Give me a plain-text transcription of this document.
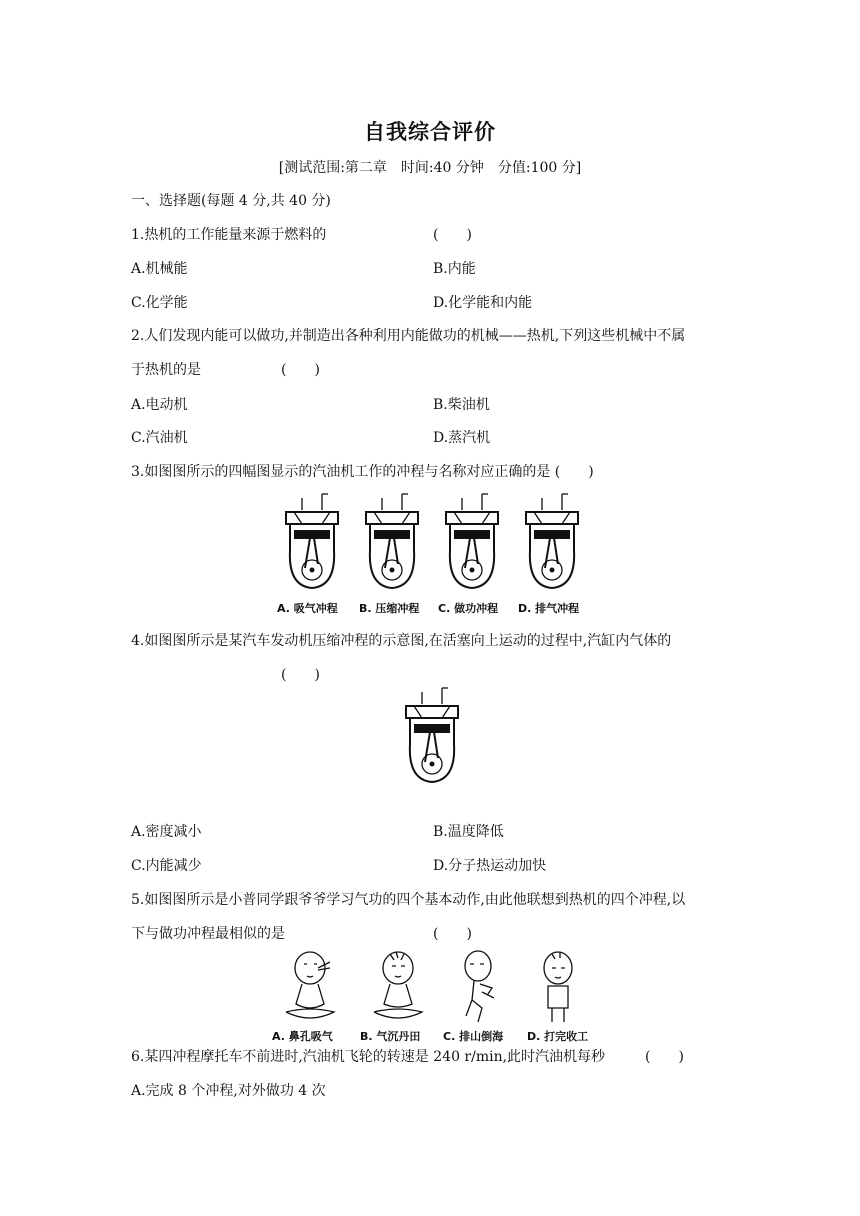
自我综合评价
[测试范围:第二章　时间:40 分钟　分值:100 分]
一、选择题(每题 4 分,共 40 分)
1.热机的工作能量来源于燃料的	(　　)
A.机械能	B.内能
C.化学能	D.化学能和内能
2.人们发现内能可以做功,并制造出各种利用内能做功的机械——热机,下列这些机械中不属
于热机的是	(　　)
A.电动机	B.柴油机
C.汽油机	D.蒸汽机
3.如图图所示的四幅图显示的汽油机工作的冲程与名称对应正确的是 (　　)
A. 吸气冲程 B. 压缩冲程 C. 做功冲程 D. 排气冲程
4.如图图所示是某汽车发动机压缩冲程的示意图,在活塞向上运动的过程中,汽缸内气体的
(　　)
A.密度减小	B.温度降低
C.内能减少	D.分子热运动加快
5.如图图所示是小普同学跟爷爷学习气功的四个基本动作,由此他联想到热机的四个冲程,以
下与做功冲程最相似的是	(　　)
A. 鼻孔吸气 B. 气沉丹田 C. 排山倒海 D. 打完收工
6.某四冲程摩托车不前进时,汽油机飞轮的转速是 240 r/min,此时汽油机每秒	(　　)
A.完成 8 个冲程,对外做功 4 次
